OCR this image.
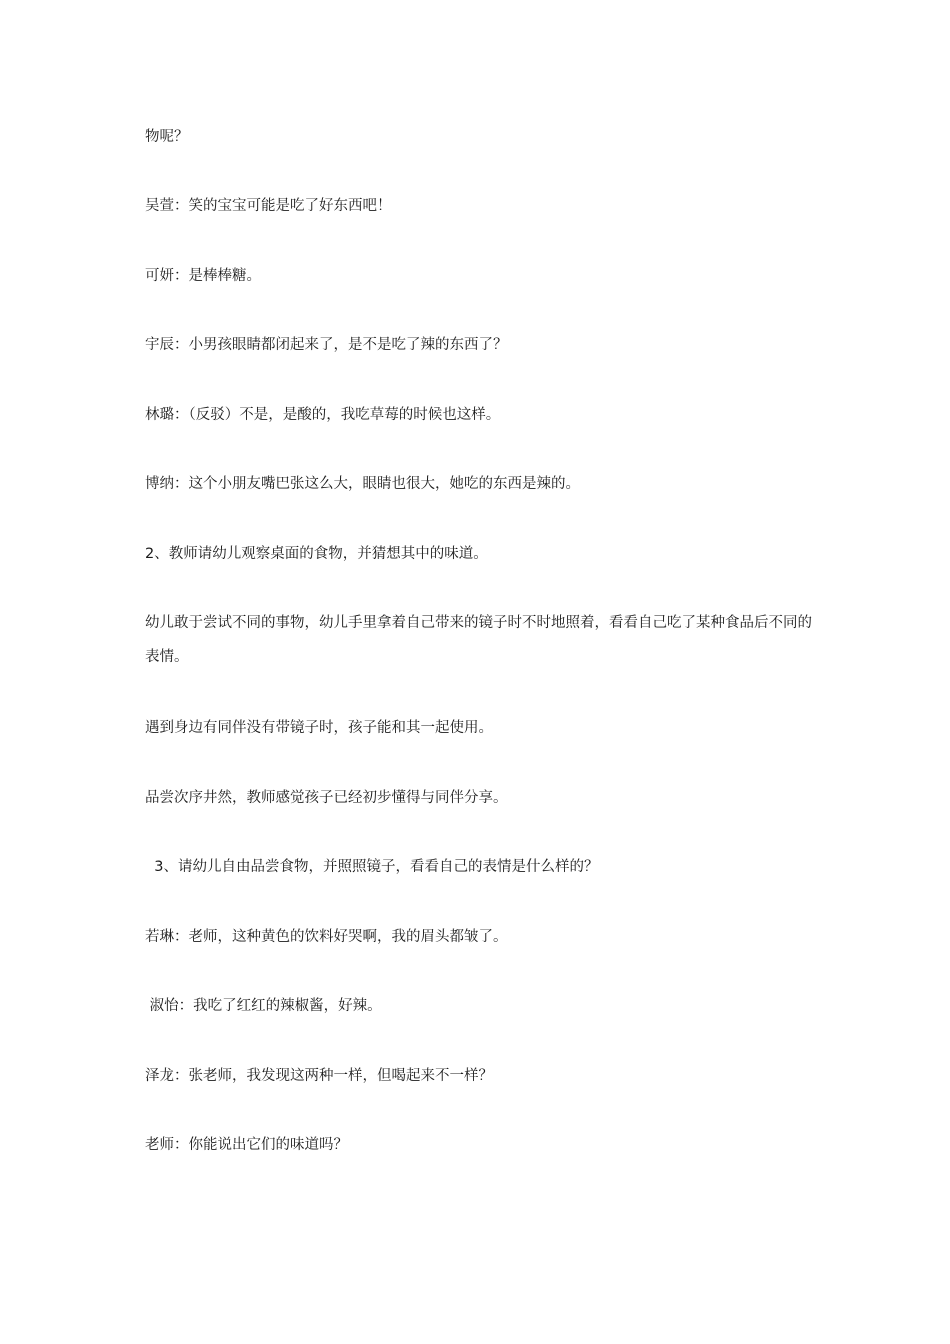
物呢？

吴萱：笑的宝宝可能是吃了好东西吧！

可妍：是棒棒糖。

宇辰：小男孩眼睛都闭起来了，是不是吃了辣的东西了？

林璐：（反驳）不是，是酸的，我吃草莓的时候也这样。

博纳：这个小朋友嘴巴张这么大，眼睛也很大，她吃的东西是辣的。

2、教师请幼儿观察桌面的食物，并猜想其中的味道。

幼儿敢于尝试不同的事物，幼儿手里拿着自己带来的镜子时不时地照着，看看自己吃了某种食品后不同的表情。

遇到身边有同伴没有带镜子时，孩子能和其一起使用。

品尝次序井然，教师感觉孩子已经初步懂得与同伴分享。

3、请幼儿自由品尝食物，并照照镜子，看看自己的表情是什么样的？

若琳：老师，这种黄色的饮料好哭啊，我的眉头都皱了。

淑怡：我吃了红红的辣椒酱，好辣。

泽龙：张老师，我发现这两种一样，但喝起来不一样？

老师：你能说出它们的味道吗？
